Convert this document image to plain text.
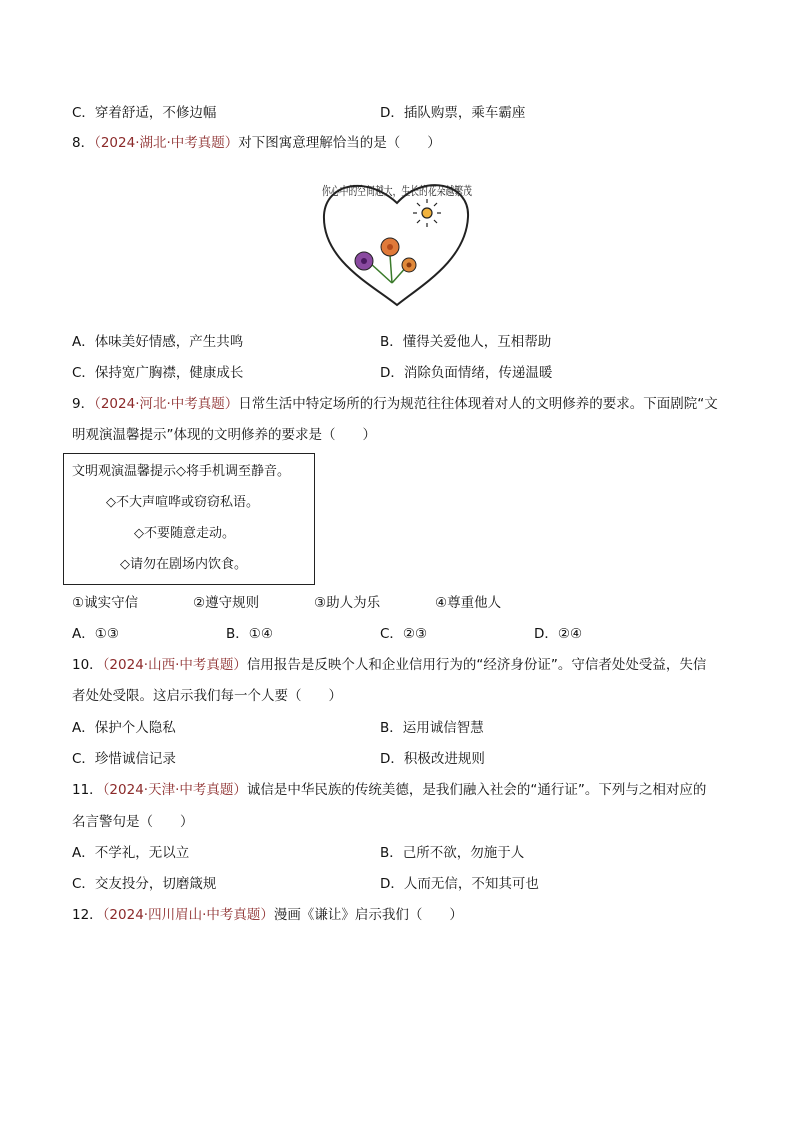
C．穿着舒适，不修边幅	D．插队购票，乘车霸座
8．（2024·湖北·中考真题）对下图寓意理解恰当的是（　　）
你心中的空间越大，生长的花朵越繁茂
A．体味美好情感，产生共鸣	B．懂得关爱他人，互相帮助
C．保持宽广胸襟，健康成长	D．消除负面情绪，传递温暖
9．（2024·河北·中考真题）日常生活中特定场所的行为规范往往体现着对人的文明修养的要求。下面剧院“文
明观演温馨提示”体现的文明修养的要求是（　　）
文明观演温馨提示◇将手机调至静音。
◇不大声喧哗或窃窃私语。
◇不要随意走动。
◇请勿在剧场内饮食。
①诚实守信	②遵守规则	③助人为乐	④尊重他人
A．①③	B．①④	C．②③	D．②④
10．（2024·山西·中考真题）信用报告是反映个人和企业信用行为的“经济身份证”。守信者处处受益，失信
者处处受限。这启示我们每一个人要（　　）
A．保护个人隐私	B．运用诚信智慧
C．珍惜诚信记录	D．积极改进规则
11．（2024·天津·中考真题）诚信是中华民族的传统美德，是我们融入社会的“通行证”。下列与之相对应的
名言警句是（　　）
A．不学礼，无以立	B．己所不欲，勿施于人
C．交友投分，切磨箴规	D．人而无信，不知其可也
12．（2024·四川眉山·中考真题）漫画《谦让》启示我们（　　）
